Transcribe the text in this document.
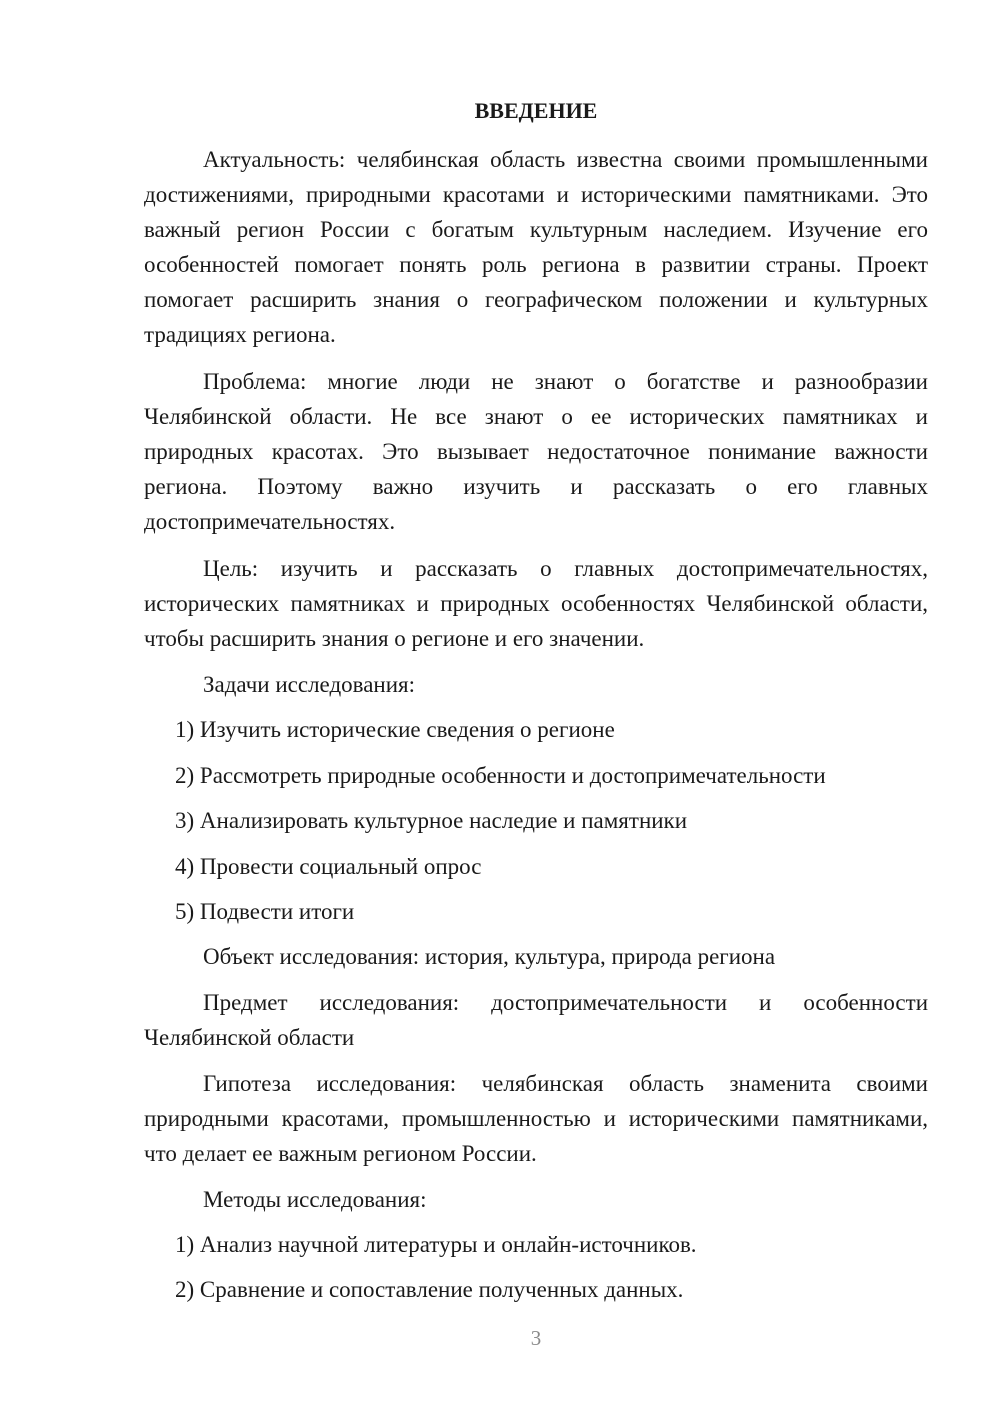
ВВЕДЕНИЕ

Актуальность: челябинская область известна своими промышленными достижениями, природными красотами и историческими памятниками. Это важный регион России с богатым культурным наследием. Изучение его особенностей помогает понять роль региона в развитии страны. Проект помогает расширить знания о географическом положении и культурных традициях региона.

Проблема: многие люди не знают о богатстве и разнообразии Челябинской области. Не все знают о ее исторических памятниках и природных красотах. Это вызывает недостаточное понимание важности региона. Поэтому важно изучить и рассказать о его главных достопримечательностях.

Цель: изучить и рассказать о главных достопримечательностях, исторических памятниках и природных особенностях Челябинской области, чтобы расширить знания о регионе и его значении.

Задачи исследования:

1) Изучить исторические сведения о регионе

2) Рассмотреть природные особенности и достопримечательности

3) Анализировать культурное наследие и памятники

4) Провести социальный опрос

5) Подвести итоги

Объект исследования: история, культура, природа региона

Предмет исследования: достопримечательности и особенности Челябинской области

Гипотеза исследования: челябинская область знаменита своими природными красотами, промышленностью и историческими памятниками, что делает ее важным регионом России.

Методы исследования:

1) Анализ научной литературы и онлайн-источников.

2) Сравнение и сопоставление полученных данных.

3
